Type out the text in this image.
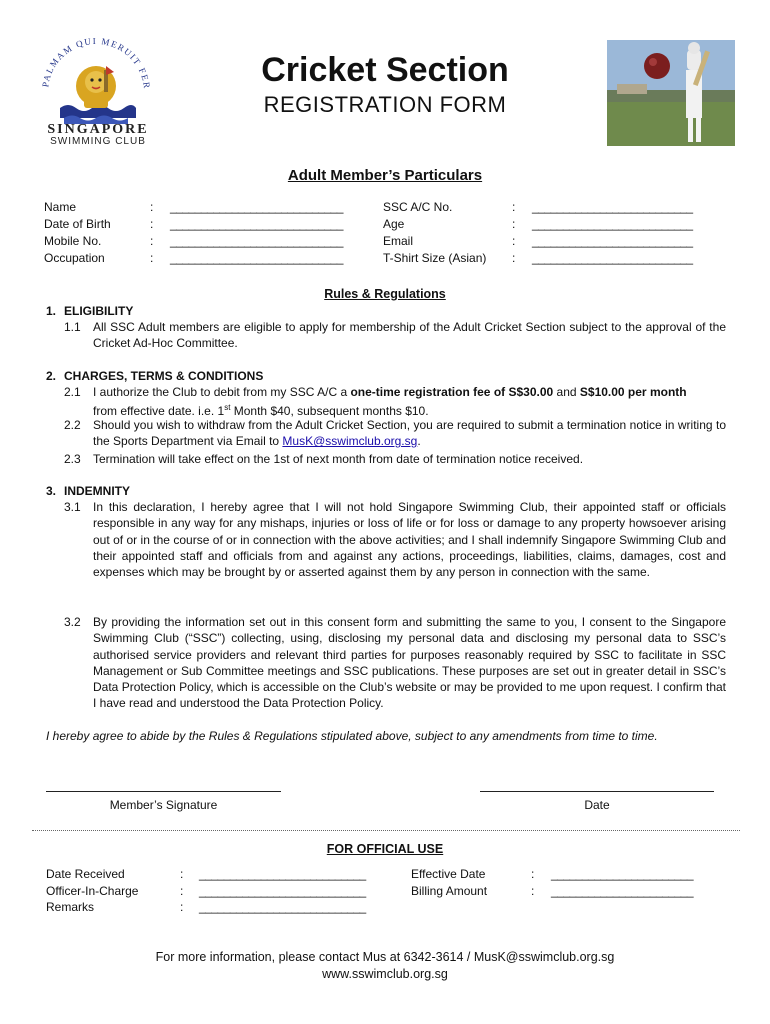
PALMAM QUI MERUIT FER
SINGAPORE
SWIMMING CLUB
Cricket Section
REGISTRATION FORM
Adult Member’s Particulars
Name
Date of Birth
Mobile No.
Occupation
:
:
:
:
____________________________
____________________________
____________________________
____________________________
SSC A/C No.
Age
Email
T-Shirt Size (Asian)
:
:
:
:
__________________________
__________________________
__________________________
__________________________
Rules & Regulations
1. ELIGIBILITY
1.1 All SSC Adult members are eligible to apply for membership of the Adult Cricket Section subject to the approval of the Cricket Ad-Hoc Committee.
2. CHARGES, TERMS & CONDITIONS
2.1 I authorize the Club to debit from my SSC A/C a one-time registration fee of S$30.00 and S$10.00 per month
from effective date. i.e. 1st Month $40, subsequent months $10.
2.2 Should you wish to withdraw from the Adult Cricket Section, you are required to submit a termination notice in writing to the Sports Department via Email to MusK@sswimclub.org.sg.
2.3 Termination will take effect on the 1st of next month from date of termination notice received.
3. INDEMNITY
3.1 In this declaration, I hereby agree that I will not hold Singapore Swimming Club, their appointed staff or officials responsible in any way for any mishaps, injuries or loss of life or for loss or damage to any property howsoever arising out of or in the course of or in connection with the above activities; and I shall indemnify Singapore Swimming Club and their appointed staff and officials from and against any actions, proceedings, liabilities, claims, damages, cost and expenses which may be brought by or asserted against them by any person in connection with the same.
3.2 By providing the information set out in this consent form and submitting the same to you, I consent to the Singapore Swimming Club (“SSC”) collecting, using, disclosing my personal data and disclosing my personal data to SSC’s authorised service providers and relevant third parties for purposes reasonably required by SSC to facilitate in SSC Management or Sub Committee meetings and SSC publications. These purposes are set out in greater detail in SSC’s Data Protection Policy, which is accessible on the Club’s website or may be provided to me upon request. I confirm that I have read and understood the Data Protection Policy.
I hereby agree to abide by the Rules & Regulations stipulated above, subject to any amendments from time to time.
Member’s Signature	Date
FOR OFFICIAL USE
Date Received
Officer-In-Charge
Remarks
:
:
:
___________________________
___________________________
___________________________
Effective Date
Billing Amount
:
:
_______________________
_______________________
For more information, please contact Mus at 6342-3614 / MusK@sswimclub.org.sg
www.sswimclub.org.sg
